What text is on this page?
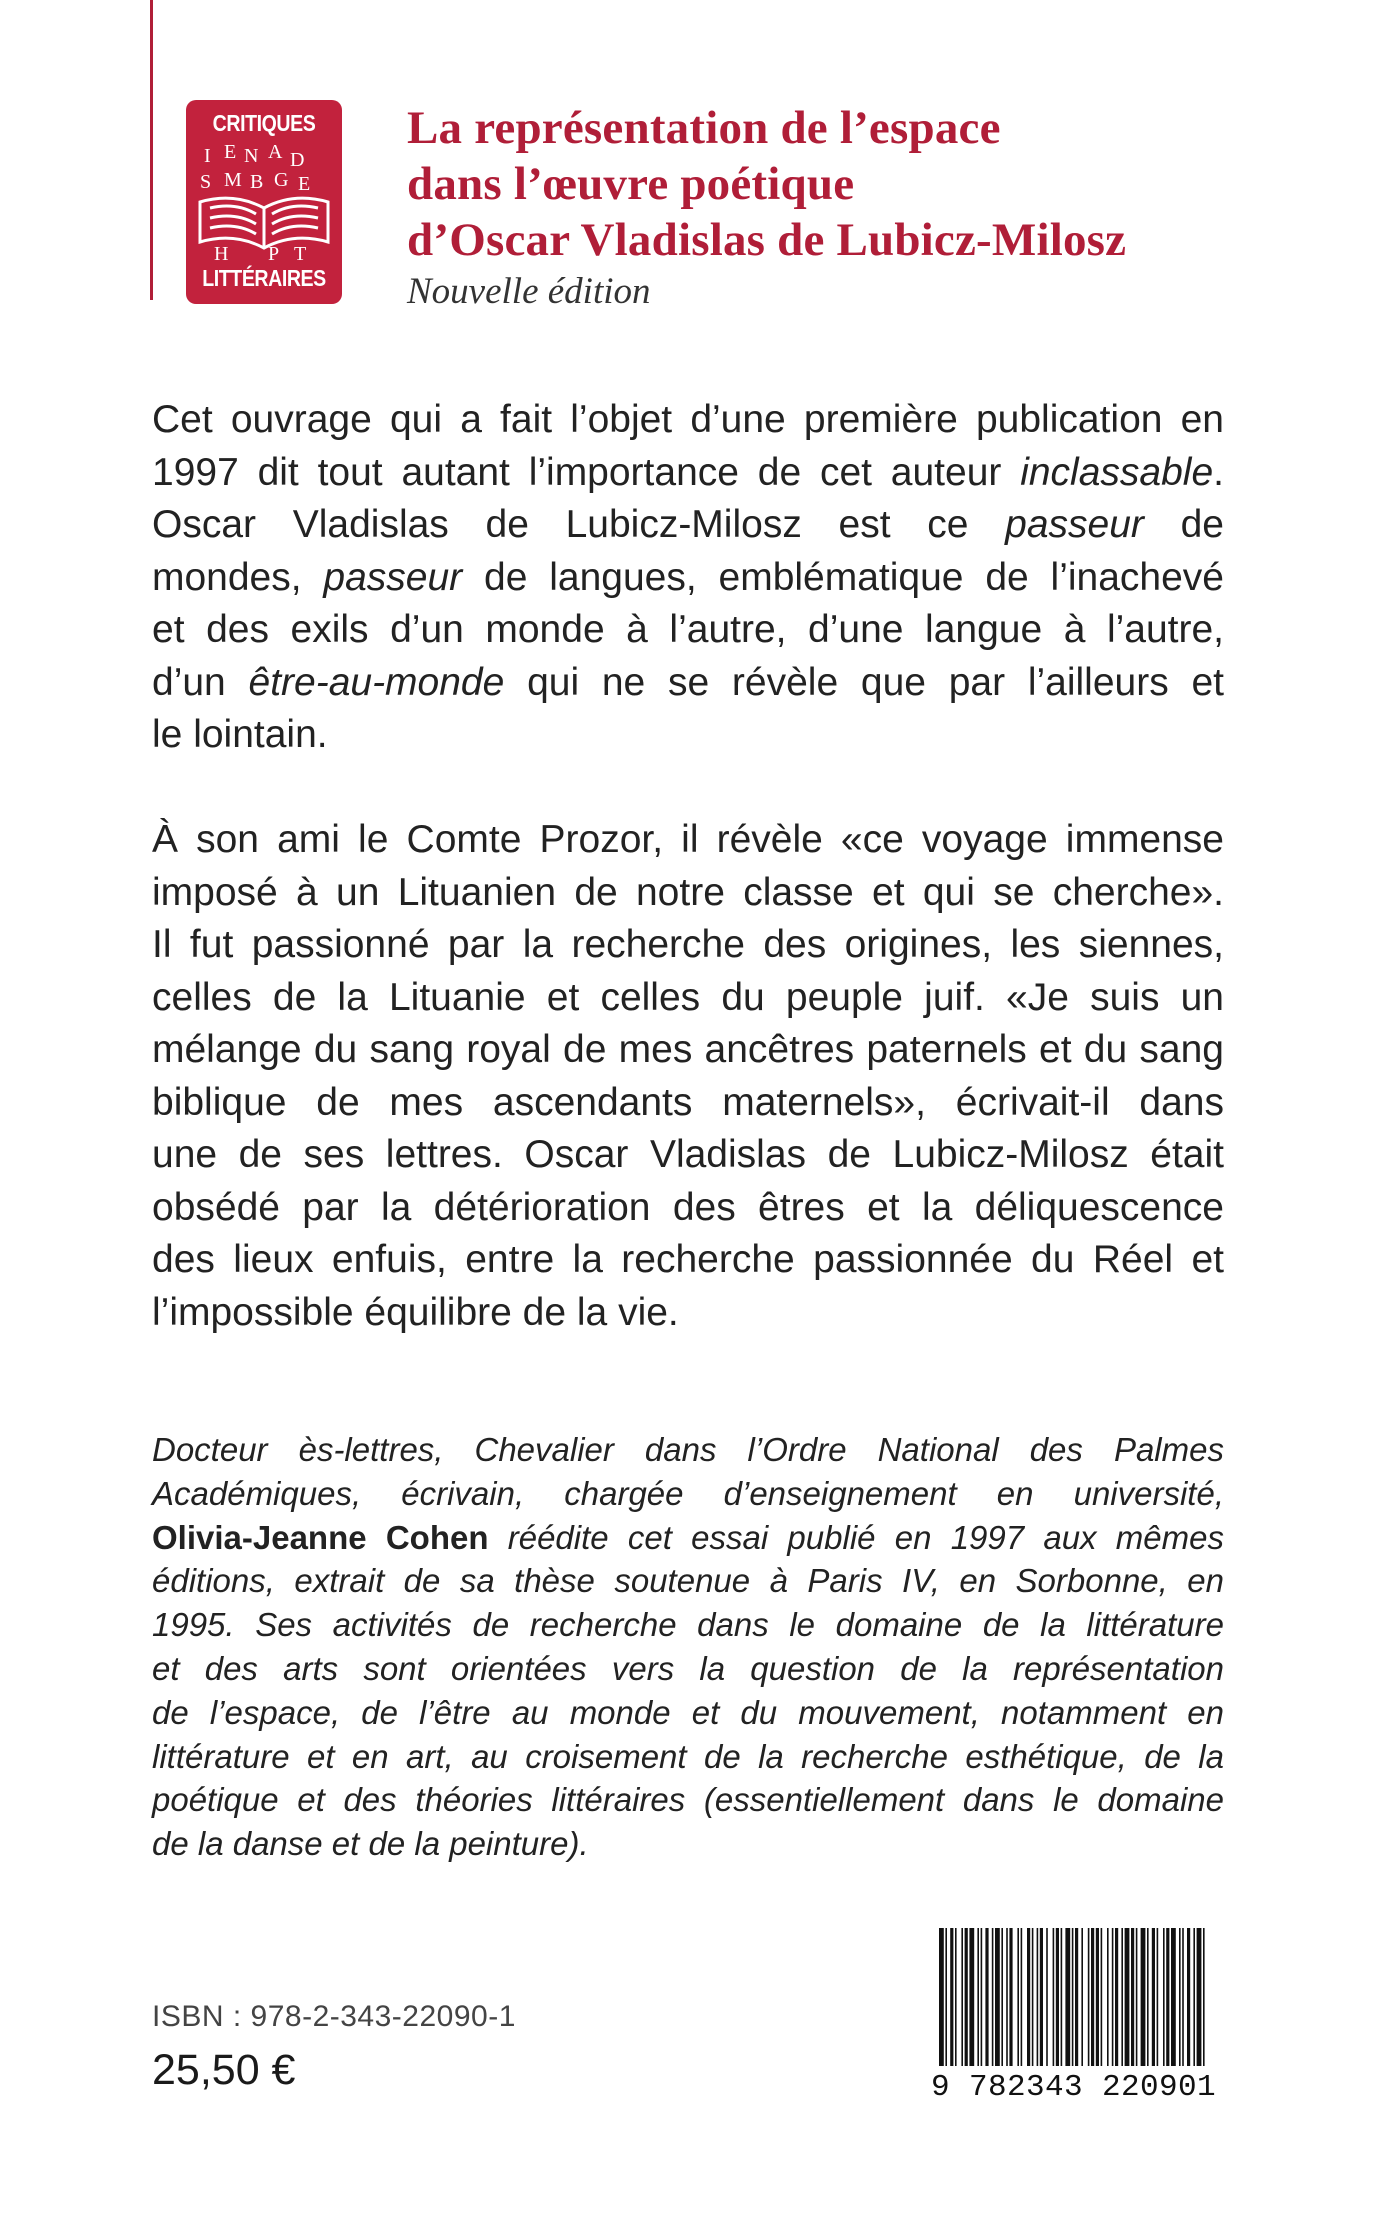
CRITIQUES
I E N A D
S M B G E
H P T
LITTÉRAIRES
La représentation de l’espace
dans l’œuvre poétique
d’Oscar Vladislas de Lubicz-Milosz
Nouvelle édition
Cet ouvrage qui a fait l’objet d’une première publication en
1997 dit tout autant l’importance de cet auteur inclassable.
Oscar Vladislas de Lubicz-Milosz est ce passeur de
mondes, passeur de langues, emblématique de l’inachevé
et des exils d’un monde à l’autre, d’une langue à l’autre,
d’un être-au-monde qui ne se révèle que par l’ailleurs et
le lointain.
À son ami le Comte Prozor, il révèle «ce voyage immense
imposé à un Lituanien de notre classe et qui se cherche».
Il fut passionné par la recherche des origines, les siennes,
celles de la Lituanie et celles du peuple juif. «Je suis un
mélange du sang royal de mes ancêtres paternels et du sang
biblique de mes ascendants maternels», écrivait-il dans
une de ses lettres. Oscar Vladislas de Lubicz-Milosz était
obsédé par la détérioration des êtres et la déliquescence
des lieux enfuis, entre la recherche passionnée du Réel et
l’impossible équilibre de la vie.
Docteur ès-lettres, Chevalier dans l’Ordre National des Palmes
Académiques, écrivain, chargée d’enseignement en université,
Olivia-Jeanne Cohen réédite cet essai publié en 1997 aux mêmes
éditions, extrait de sa thèse soutenue à Paris IV, en Sorbonne, en
1995. Ses activités de recherche dans le domaine de la littérature
et des arts sont orientées vers la question de la représentation
de l’espace, de l’être au monde et du mouvement, notamment en
littérature et en art, au croisement de la recherche esthétique, de la
poétique et des théories littéraires (essentiellement dans le domaine
de la danse et de la peinture).
ISBN : 978-2-343-22090-1
25,50 €	9 782343 220901
